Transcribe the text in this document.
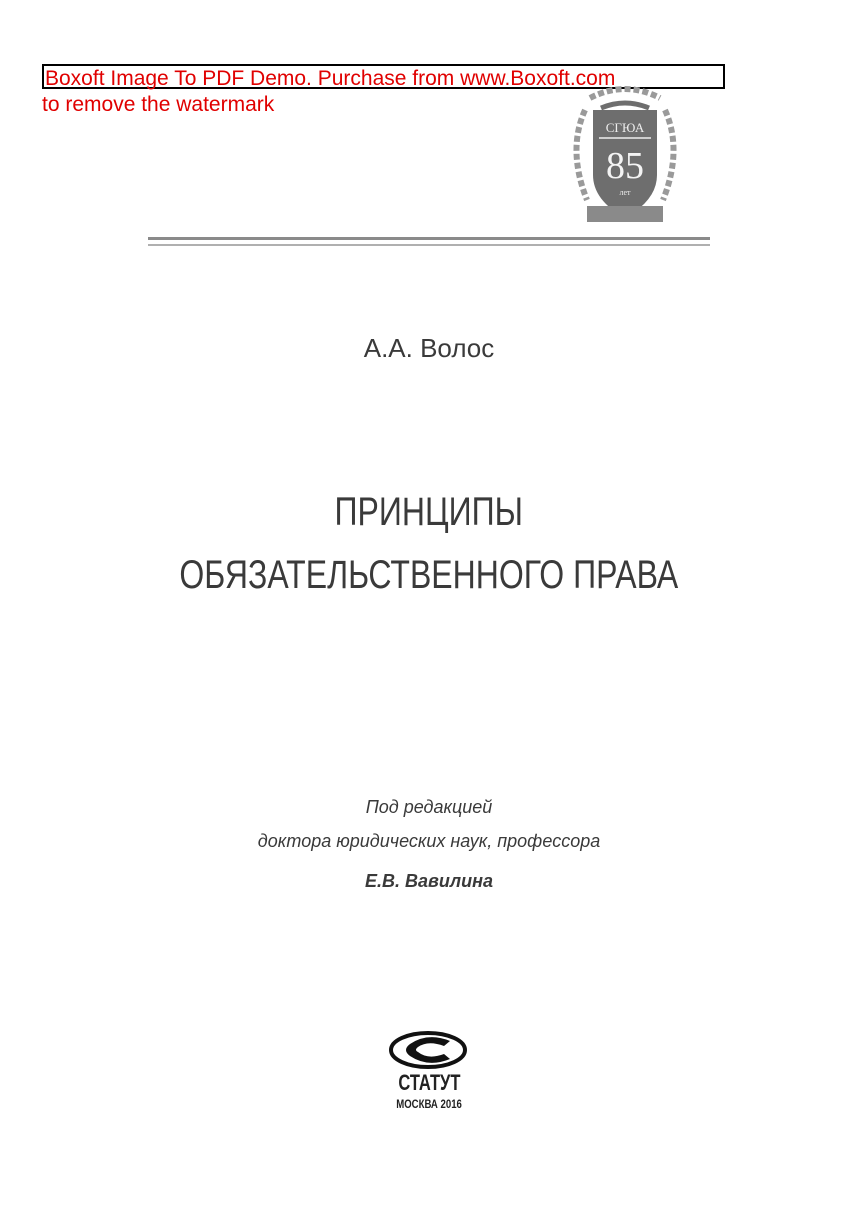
Boxoft Image To PDF Demo. Purchase from www.Boxoft.com
to remove the watermark
СГЮА
85
лет
А.А. Волос
ПРИНЦИПЫ
ОБЯЗАТЕЛЬСТВЕННОГО ПРАВА
Под редакцией
доктора юридических наук, профессора
Е.В. Вавилина
СТАТУТ
МОСКВА 2016
